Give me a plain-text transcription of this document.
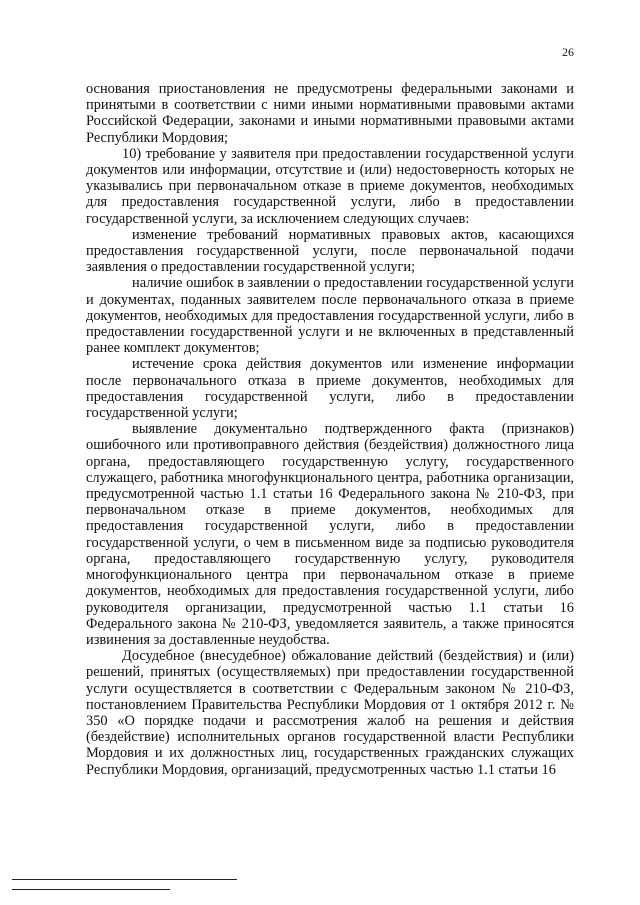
26

основания приостановления не предусмотрены федеральными законами и принятыми в соответствии с ними иными нормативными правовыми актами Российской Федерации, законами и иными нормативными правовыми актами Республики Мордовия;

10) требование у заявителя при предоставлении государственной услуги документов или информации, отсутствие и (или) недостоверность которых не указывались при первоначальном отказе в приеме документов, необходимых для предоставления государственной услуги, либо в предоставлении государственной услуги, за исключением следующих случаев:

изменение требований нормативных правовых актов, касающихся предоставления государственной услуги, после первоначальной подачи заявления о предоставлении государственной услуги;

наличие ошибок в заявлении о предоставлении государственной услуги и документах, поданных заявителем после первоначального отказа в приеме документов, необходимых для предоставления государственной услуги, либо в предоставлении государственной услуги и не включенных в представленный ранее комплект документов;

истечение срока действия документов или изменение информации после первоначального отказа в приеме документов, необходимых для предоставления государственной услуги, либо в предоставлении государственной услуги;

выявление документально подтвержденного факта (признаков) ошибочного или противоправного действия (бездействия) должностного лица органа, предоставляющего государственную услугу, государственного служащего, работника многофункционального центра, работника организации, предусмотренной частью 1.1 статьи 16 Федерального закона № 210-ФЗ, при первоначальном отказе в приеме документов, необходимых для предоставления государственной услуги, либо в предоставлении государственной услуги, о чем в письменном виде за подписью руководителя органа, предоставляющего государственную услугу, руководителя многофункционального центра при первоначальном отказе в приеме документов, необходимых для предоставления государственной услуги, либо руководителя организации, предусмотренной частью 1.1 статьи 16 Федерального закона № 210-ФЗ, уведомляется заявитель, а также приносятся извинения за доставленные неудобства.

Досудебное (внесудебное) обжалование действий (бездействия) и (или) решений, принятых (осуществляемых) при предоставлении государственной услуги осуществляется в соответствии с Федеральным законом № 210-ФЗ, постановлением Правительства Республики Мордовия от 1 октября 2012 г. № 350 «О порядке подачи и рассмотрения жалоб на решения и действия (бездействие) исполнительных органов государственной власти Республики Мордовия и их должностных лиц, государственных гражданских служащих Республики Мордовия, организаций, предусмотренных частью 1.1 статьи 16
